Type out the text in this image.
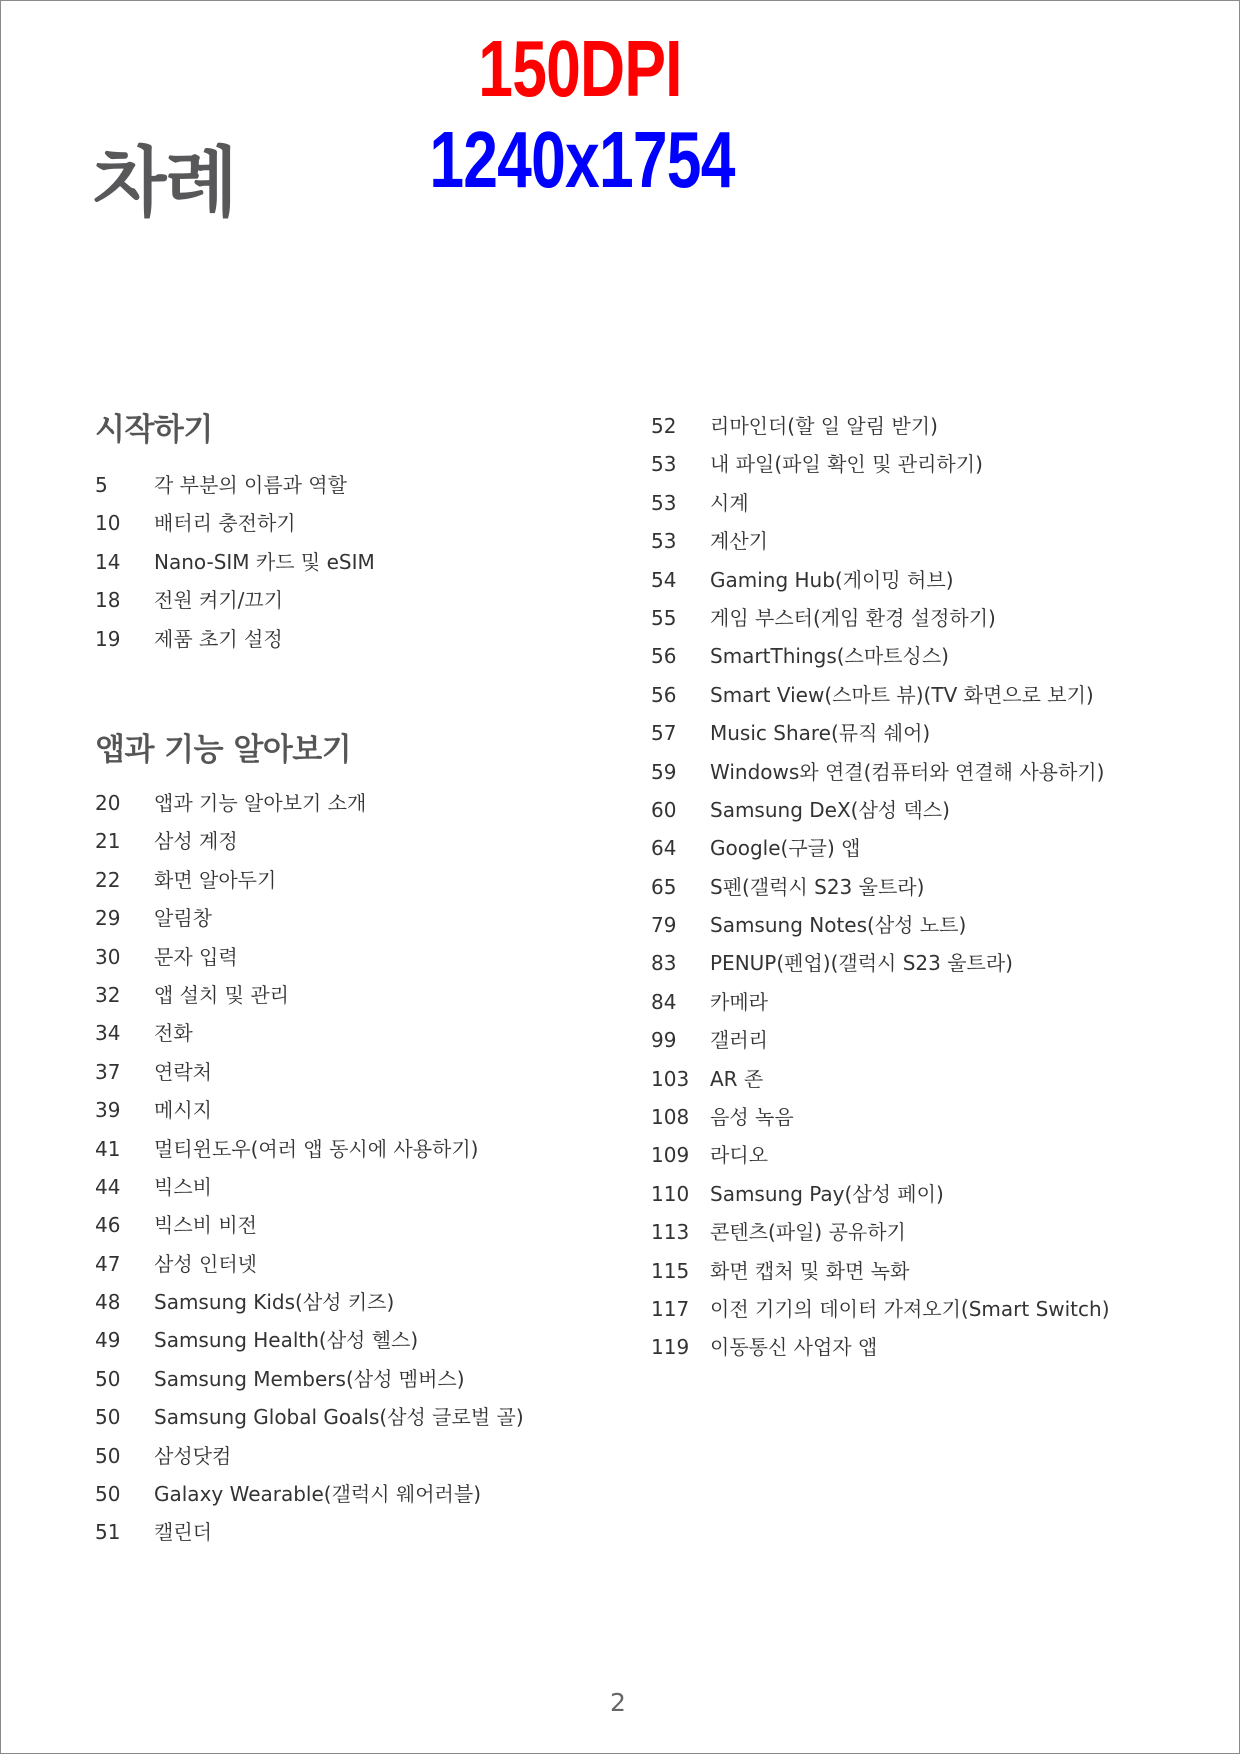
차례
150DPI
1240x1754
시작하기
5 각 부분의 이름과 역할
10 배터리 충전하기
14 Nano-SIM 카드 및 eSIM
18 전원 켜기/끄기
19 제품 초기 설정
앱과 기능 알아보기
20 앱과 기능 알아보기 소개
21 삼성 계정
22 화면 알아두기
29 알림창
30 문자 입력
32 앱 설치 및 관리
34 전화
37 연락처
39 메시지
41 멀티윈도우(여러 앱 동시에 사용하기)
44 빅스비
46 빅스비 비전
47 삼성 인터넷
48 Samsung Kids(삼성 키즈)
49 Samsung Health(삼성 헬스)
50 Samsung Members(삼성 멤버스)
50 Samsung Global Goals(삼성 글로벌 골)
50 삼성닷컴
50 Galaxy Wearable(갤럭시 웨어러블)
51 캘린더
52 리마인더(할 일 알림 받기)
53 내 파일(파일 확인 및 관리하기)
53 시계
53 계산기
54 Gaming Hub(게이밍 허브)
55 게임 부스터(게임 환경 설정하기)
56 SmartThings(스마트싱스)
56 Smart View(스마트 뷰)(TV 화면으로 보기)
57 Music Share(뮤직 쉐어)
59 Windows와 연결(컴퓨터와 연결해 사용하기)
60 Samsung DeX(삼성 덱스)
64 Google(구글) 앱
65 S펜(갤럭시 S23 울트라)
79 Samsung Notes(삼성 노트)
83 PENUP(펜업)(갤럭시 S23 울트라)
84 카메라
99 갤러리
103 AR 존
108 음성 녹음
109 라디오
110 Samsung Pay(삼성 페이)
113 콘텐츠(파일) 공유하기
115 화면 캡처 및 화면 녹화
117 이전 기기의 데이터 가져오기(Smart Switch)
119 이동통신 사업자 앱
2
